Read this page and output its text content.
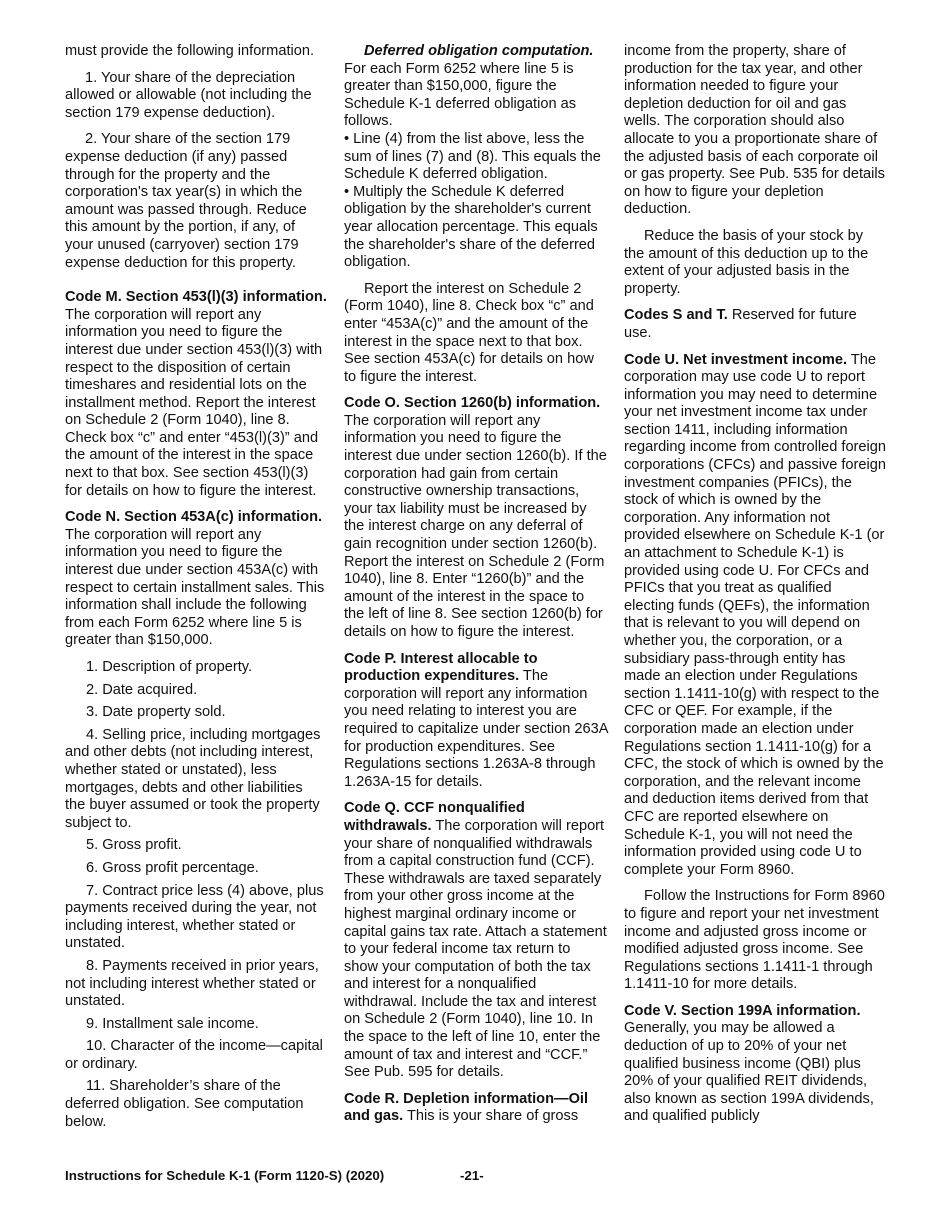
must provide the following information.

1. Your share of the depreciation allowed or allowable (not including the section 179 expense deduction).

2. Your share of the section 179 expense deduction (if any) passed through for the property and the corporation's tax year(s) in which the amount was passed through. Reduce this amount by the portion, if any, of your unused (carryover) section 179 expense deduction for this property.

Code M. Section 453(l)(3) information. The corporation will report any information you need to figure the interest due under section 453(l)(3) with respect to the disposition of certain timeshares and residential lots on the installment method. Report the interest on Schedule 2 (Form 1040), line 8. Check box “c” and enter “453(l)(3)” and the amount of the interest in the space next to that box. See section 453(l)(3) for details on how to figure the interest.

Code N. Section 453A(c) information. The corporation will report any information you need to figure the interest due under section 453A(c) with respect to certain installment sales. This information shall include the following from each Form 6252 where line 5 is greater than $150,000.

1. Description of property.

2. Date acquired.

3. Date property sold.

4. Selling price, including mortgages and other debts (not including interest, whether stated or unstated), less mortgages, debts and other liabilities the buyer assumed or took the property subject to.

5. Gross profit.

6. Gross profit percentage.

7. Contract price less (4) above, plus payments received during the year, not including interest, whether stated or unstated.

8. Payments received in prior years, not including interest whether stated or unstated.

9. Installment sale income.

10. Character of the income—capital or ordinary.

11. Shareholder’s share of the deferred obligation. See computation below.

Deferred obligation computation. For each Form 6252 where line 5 is greater than $150,000, figure the Schedule K-1 deferred obligation as follows.

• Line (4) from the list above, less the sum of lines (7) and (8). This equals the Schedule K deferred obligation.

• Multiply the Schedule K deferred obligation by the shareholder's current year allocation percentage. This equals the shareholder's share of the deferred obligation.

Report the interest on Schedule 2 (Form 1040), line 8. Check box “c” and enter “453A(c)” and the amount of the interest in the space next to that box. See section 453A(c) for details on how to figure the interest.

Code O. Section 1260(b) information. The corporation will report any information you need to figure the interest due under section 1260(b). If the corporation had gain from certain constructive ownership transactions, your tax liability must be increased by the interest charge on any deferral of gain recognition under section 1260(b). Report the interest on Schedule 2 (Form 1040), line 8. Enter “1260(b)” and the amount of the interest in the space to the left of line 8. See section 1260(b) for details on how to figure the interest.

Code P. Interest allocable to production expenditures. The corporation will report any information you need relating to interest you are required to capitalize under section 263A for production expenditures. See Regulations sections 1.263A-8 through 1.263A-15 for details.

Code Q. CCF nonqualified withdrawals. The corporation will report your share of nonqualified withdrawals from a capital construction fund (CCF). These withdrawals are taxed separately from your other gross income at the highest marginal ordinary income or capital gains tax rate. Attach a statement to your federal income tax return to show your computation of both the tax and interest for a nonqualified withdrawal. Include the tax and interest on Schedule 2 (Form 1040), line 10. In the space to the left of line 10, enter the amount of tax and interest and “CCF.” See Pub. 595 for details.

Code R. Depletion information—Oil and gas. This is your share of gross

income from the property, share of production for the tax year, and other information needed to figure your depletion deduction for oil and gas wells. The corporation should also allocate to you a proportionate share of the adjusted basis of each corporate oil or gas property. See Pub. 535 for details on how to figure your depletion deduction.

Reduce the basis of your stock by the amount of this deduction up to the extent of your adjusted basis in the property.

Codes S and T. Reserved for future use.

Code U. Net investment income. The corporation may use code U to report information you may need to determine your net investment income tax under section 1411, including information regarding income from controlled foreign corporations (CFCs) and passive foreign investment companies (PFICs), the stock of which is owned by the corporation. Any information not provided elsewhere on Schedule K-1 (or an attachment to Schedule K-1) is provided using code U. For CFCs and PFICs that you treat as qualified electing funds (QEFs), the information that is relevant to you will depend on whether you, the corporation, or a subsidiary pass-through entity has made an election under Regulations section 1.1411-10(g) with respect to the CFC or QEF. For example, if the corporation made an election under Regulations section 1.1411-10(g) for a CFC, the stock of which is owned by the corporation, and the relevant income and deduction items derived from that CFC are reported elsewhere on Schedule K-1, you will not need the information provided using code U to complete your Form 8960.

Follow the Instructions for Form 8960 to figure and report your net investment income and adjusted gross income or modified adjusted gross income. See Regulations sections 1.1411-1 through 1.1411-10 for more details.

Code V. Section 199A information. Generally, you may be allowed a deduction of up to 20% of your net qualified business income (QBI) plus 20% of your qualified REIT dividends, also known as section 199A dividends, and qualified publicly

Instructions for Schedule K-1 (Form 1120-S) (2020)	-21-
